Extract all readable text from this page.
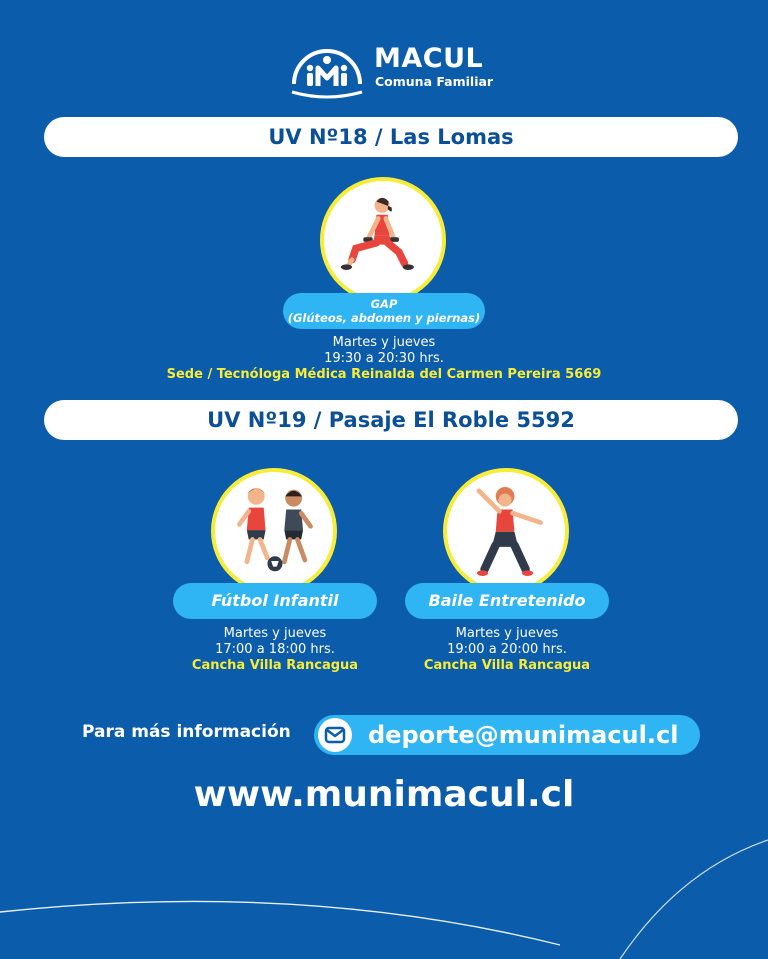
MACUL
Comuna Familiar
UV Nº18 / Las Lomas
GAP
(Glúteos, abdomen y piernas)
Martes y jueves
19:30 a 20:30 hrs.
Sede / Tecnóloga Médica Reinalda del Carmen Pereira 5669
UV Nº19 / Pasaje El Roble 5592
Fútbol Infantil	Baile Entretenido
Martes y jueves
17:00 a 18:00 hrs.
Cancha Villa Rancagua
Martes y jueves
19:00 a 20:00 hrs.
Cancha Villa Rancagua
Para más información	deporte@munimacul.cl
www.munimacul.cl
